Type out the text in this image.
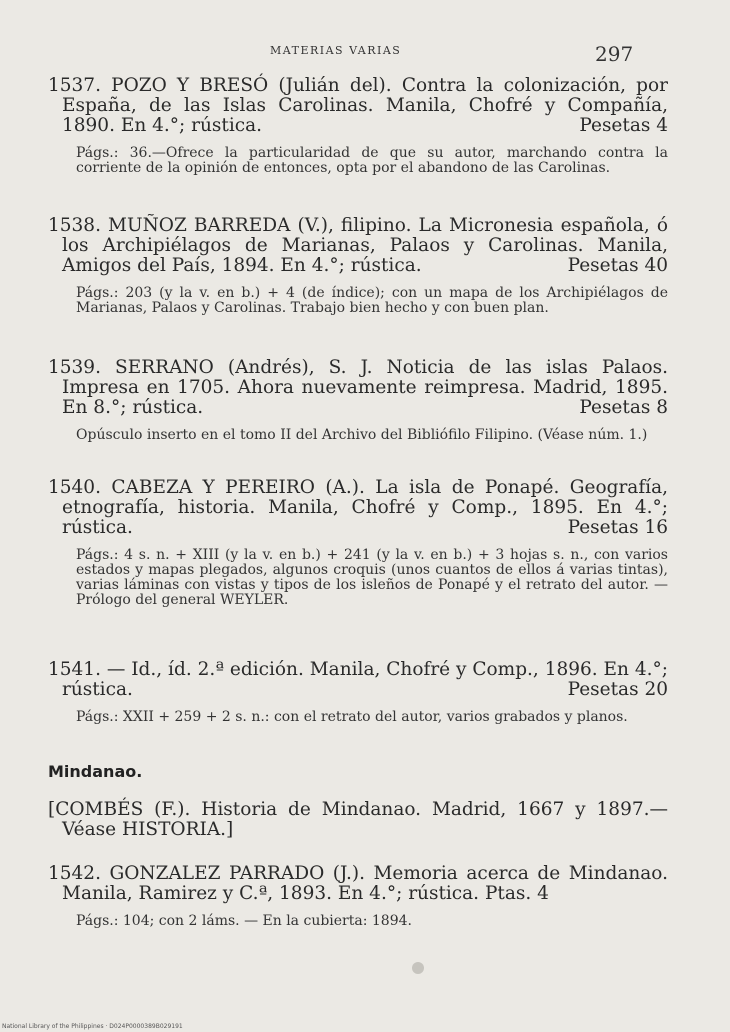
MATERIAS VARIAS	297
1537. POZO Y BRESÓ (Julián del). Contra la colonización, por España, de las Islas Carolinas. Manila, Chofré y Compañía, 1890. En 4.°; rústica.	Pesetas 4
Págs.: 36.—Ofrece la particularidad de que su autor, marchando contra la corriente de la opinión de entonces, opta por el abandono de las Carolinas.
1538. MUÑOZ BARREDA (V.), filipino. La Micronesia española, ó los Archipiélagos de Marianas, Palaos y Carolinas. Manila, Amigos del País, 1894. En 4.°; rústica.	Pesetas 40
Págs.: 203 (y la v. en b.) + 4 (de índice); con un mapa de los Archipiélagos de Marianas, Palaos y Carolinas. Trabajo bien hecho y con buen plan.
1539. SERRANO (Andrés), S. J. Noticia de las islas Palaos. Impresa en 1705. Ahora nuevamente reimpresa. Madrid, 1895. En 8.°; rústica.	Pesetas 8
Opúsculo inserto en el tomo II del Archivo del Bibliófilo Filipino. (Véase núm. 1.)
1540. CABEZA Y PEREIRO (A.). La isla de Ponapé. Geografía, etnografía, historia. Manila, Chofré y Comp., 1895. En 4.°; rústica.	Pesetas 16
Págs.: 4 s. n. + XIII (y la v. en b.) + 241 (y la v. en b.) + 3 hojas s. n., con varios estados y mapas plegados, algunos croquis (unos cuantos de ellos á varias tintas), varias láminas con vistas y tipos de los isleños de Ponapé y el retrato del autor. — Prólogo del general WEYLER.
1541. — Id., íd. 2.ª edición. Manila, Chofré y Comp., 1896. En 4.°; rústica.	Pesetas 20
Págs.: XXII + 259 + 2 s. n.: con el retrato del autor, varios grabados y planos.
Mindanao.
[COMBÉS (F.). Historia de Mindanao. Madrid, 1667 y 1897.— Véase HISTORIA.]
1542. GONZALEZ PARRADO (J.). Memoria acerca de Mindanao. Manila, Ramirez y C.ª, 1893. En 4.°; rústica. Ptas. 4
Págs.: 104; con 2 láms. — En la cubierta: 1894.
National Library of the Philippines · D024P0000389B029191
